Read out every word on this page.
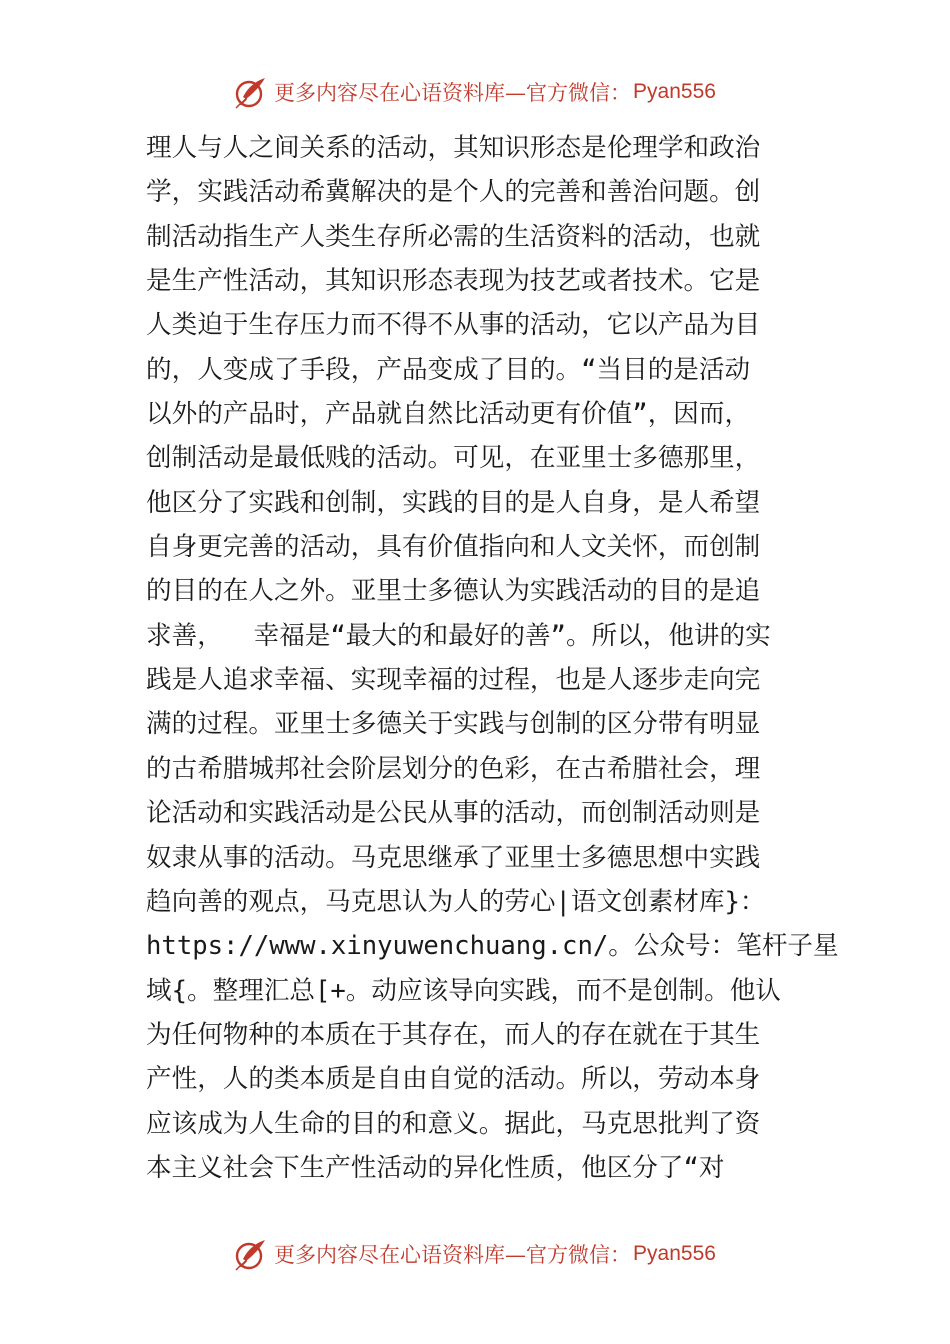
更多内容尽在心语资料库—官方微信： Pyan556
理人与人之间关系的活动，其知识形态是伦理学和政治
学，实践活动希冀解决的是个人的完善和善治问题。创
制活动指生产人类生存所必需的生活资料的活动，也就
是生产性活动，其知识形态表现为技艺或者技术。它是
人类迫于生存压力而不得不从事的活动，它以产品为目
的，人变成了手段，产品变成了目的。“当目的是活动
以外的产品时，产品就自然比活动更有价值”，因而，
创制活动是最低贱的活动。可见，在亚里士多德那里，
他区分了实践和创制，实践的目的是人自身，是人希望
自身更完善的活动，具有价值指向和人文关怀，而创制
的目的在人之外。亚里士多德认为实践活动的目的是追
求善，  幸福是“最大的和最好的善”。所以，他讲的实
践是人追求幸福、实现幸福的过程，也是人逐步走向完
满的过程。亚里士多德关于实践与创制的区分带有明显
的古希腊城邦社会阶层划分的色彩，在古希腊社会，理
论活动和实践活动是公民从事的活动，而创制活动则是
奴隶从事的活动。马克思继承了亚里士多德思想中实践
趋向善的观点，马克思认为人的劳心|语文创素材库}：
https://www.xinyuwenchuang.cn/。公众号：笔杆子星
域{。整理汇总[+。动应该导向实践，而不是创制。他认
为任何物种的本质在于其存在，而人的存在就在于其生
产性，人的类本质是自由自觉的活动。所以，劳动本身
应该成为人生命的目的和意义。据此，马克思批判了资
本主义社会下生产性活动的异化性质，他区分了“对
更多内容尽在心语资料库—官方微信： Pyan556
